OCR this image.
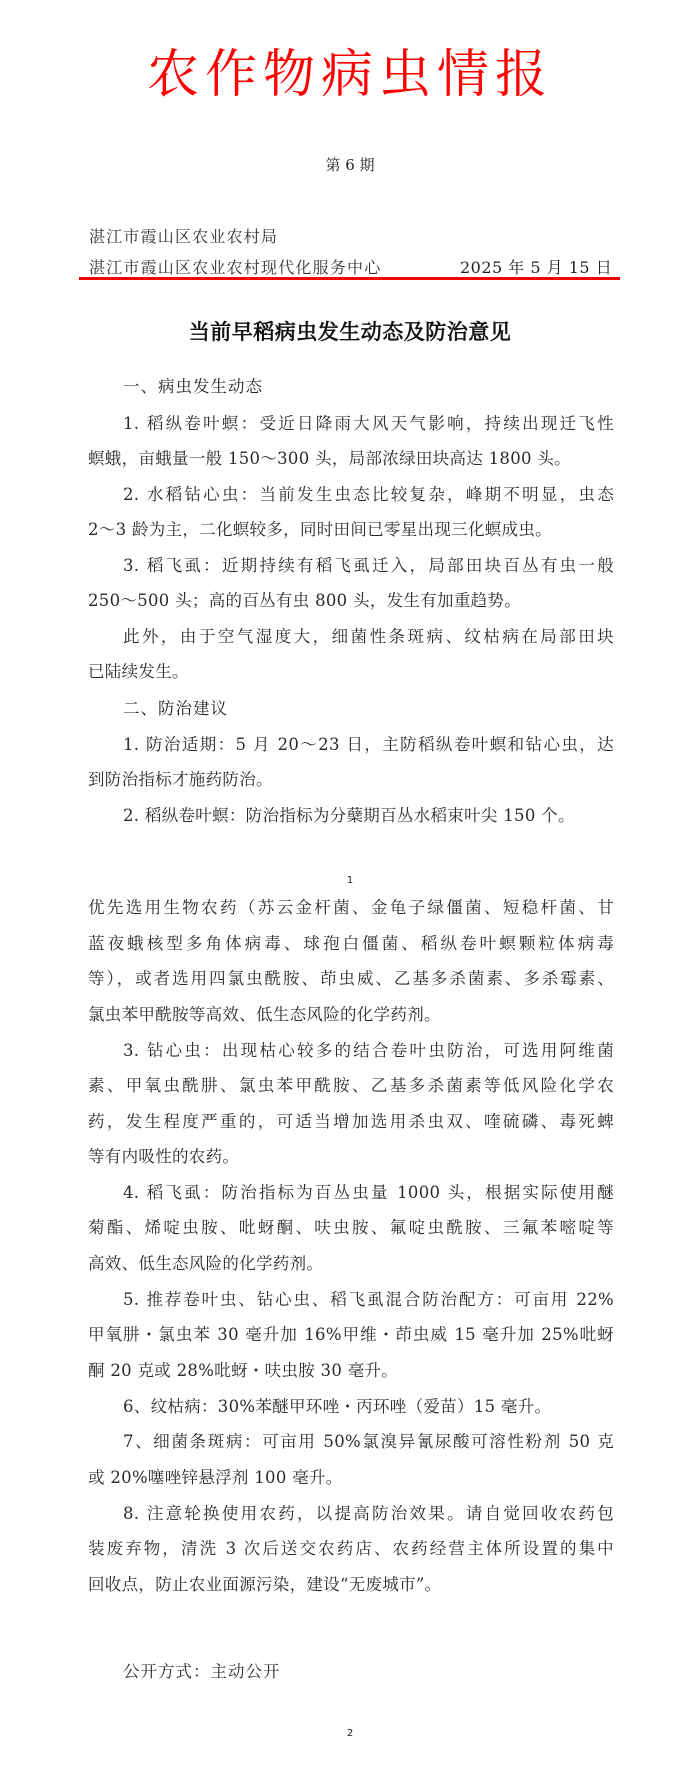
农作物病虫情报
第 6 期
湛江市霞山区农业农村局
湛江市霞山区农业农村现代化服务中心	2025 年 5 月 15 日
当前早稻病虫发生动态及防治意见
一、病虫发生动态
1. 稻纵卷叶螟：受近日降雨大风天气影响，持续出现迁飞性
螟蛾，亩蛾量一般 150～300 头，局部浓绿田块高达 1800 头。
2. 水稻钻心虫：当前发生虫态比较复杂，峰期不明显，虫态
2～3 龄为主，二化螟较多，同时田间已零星出现三化螟成虫。
3. 稻飞虱：近期持续有稻飞虱迁入，局部田块百丛有虫一般
250～500 头；高的百丛有虫 800 头，发生有加重趋势。
此外，由于空气湿度大，细菌性条斑病、纹枯病在局部田块
已陆续发生。
二、防治建议
1. 防治适期：5 月 20～23 日，主防稻纵卷叶螟和钻心虫，达
到防治指标才施药防治。
2. 稻纵卷叶螟：防治指标为分蘖期百丛水稻束叶尖 150 个。
1
优先选用生物农药（苏云金杆菌、金龟子绿僵菌、短稳杆菌、甘
蓝夜蛾核型多角体病毒、球孢白僵菌、稻纵卷叶螟颗粒体病毒
等），或者选用四氯虫酰胺、茚虫威、乙基多杀菌素、多杀霉素、
氯虫苯甲酰胺等高效、低生态风险的化学药剂。
3. 钻心虫：出现枯心较多的结合卷叶虫防治，可选用阿维菌
素、甲氧虫酰肼、氯虫苯甲酰胺、乙基多杀菌素等低风险化学农
药，发生程度严重的，可适当增加选用杀虫双、喹硫磷、毒死蜱
等有内吸性的农药。
4. 稻飞虱：防治指标为百丛虫量 1000 头，根据实际使用醚
菊酯、烯啶虫胺、吡蚜酮、呋虫胺、氟啶虫酰胺、三氟苯嘧啶等
高效、低生态风险的化学药剂。
5. 推荐卷叶虫、钻心虫、稻飞虱混合防治配方：可亩用 22%
甲氧肼・氯虫苯 30 毫升加 16%甲维・茚虫威 15 毫升加 25%吡蚜
酮 20 克或 28%吡蚜・呋虫胺 30 毫升。
6、纹枯病：30%苯醚甲环唑・丙环唑（爱苗）15 毫升。
7、细菌条斑病：可亩用 50%氯溴异氰尿酸可溶性粉剂 50 克
或 20%噻唑锌悬浮剂 100 毫升。
8. 注意轮换使用农药，以提高防治效果。请自觉回收农药包
装废弃物，清洗 3 次后送交农药店、农药经营主体所设置的集中
回收点，防止农业面源污染，建设“无废城市”。
公开方式：主动公开
2
